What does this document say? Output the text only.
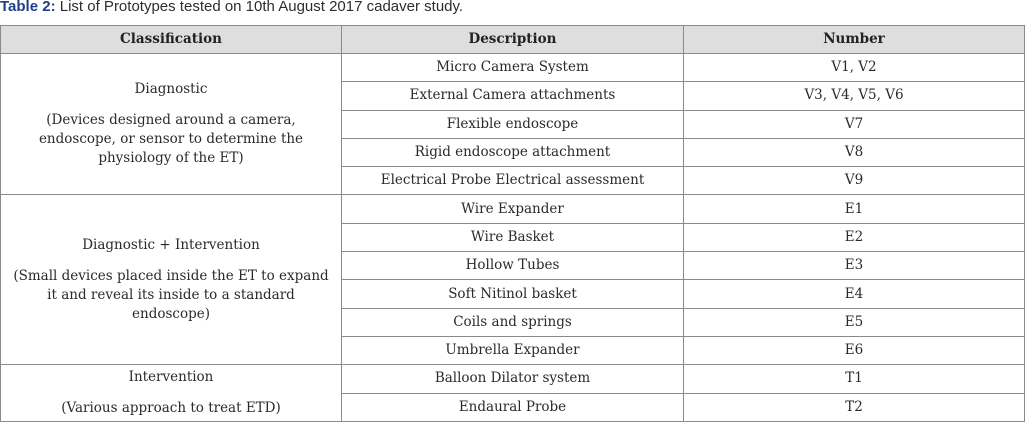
Table 2: List of Prototypes tested on 10th August 2017 cadaver study.
Classification	Description	Number

Diagnostic
(Devices designed around a camera, endoscope, or sensor to determine the physiology of the ET)	Micro Camera System	V1, V2
	External Camera attachments	V3, V4, V5, V6
	Flexible endoscope	V7
	Rigid endoscope attachment	V8
	Electrical Probe Electrical assessment	V9

Diagnostic + Intervention
(Small devices placed inside the ET to expand it and reveal its inside to a standard endoscope)	Wire Expander	E1
	Wire Basket	E2
	Hollow Tubes	E3
	Soft Nitinol basket	E4
	Coils and springs	E5
	Umbrella Expander	E6

Intervention
(Various approach to treat ETD)	Balloon Dilator system	T1
	Endaural Probe	T2
